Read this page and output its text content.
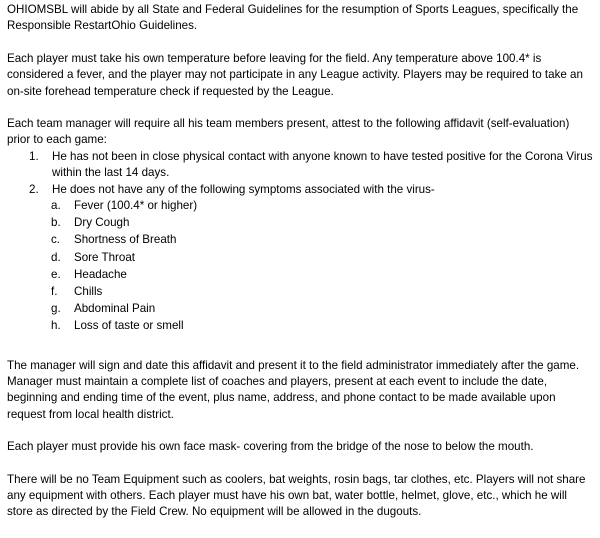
OHIOMSBL will abide by all State and Federal Guidelines for the resumption of Sports Leagues, specifically the Responsible RestartOhio Guidelines.

Each player must take his own temperature before leaving for the field. Any temperature above 100.4* is considered a fever, and the player may not participate in any League activity. Players may be required to take an on-site forehead temperature check if requested by the League.

Each team manager will require all his team members present, attest to the following affidavit (self-evaluation) prior to each game:

1. He has not been in close physical contact with anyone known to have tested positive for the Corona Virus within the last 14 days.
2. He does not have any of the following symptoms associated with the virus-
a. Fever (100.4* or higher)
b. Dry Cough
c. Shortness of Breath
d. Sore Throat
e. Headache
f. Chills
g. Abdominal Pain
h. Loss of taste or smell

The manager will sign and date this affidavit and present it to the field administrator immediately after the game. Manager must maintain a complete list of coaches and players, present at each event to include the date, beginning and ending time of the event, plus name, address, and phone contact to be made available upon request from local health district.

Each player must provide his own face mask- covering from the bridge of the nose to below the mouth.

There will be no Team Equipment such as coolers, bat weights, rosin bags, tar clothes, etc. Players will not share any equipment with others. Each player must have his own bat, water bottle, helmet, glove, etc., which he will store as directed by the Field Crew. No equipment will be allowed in the dugouts.
